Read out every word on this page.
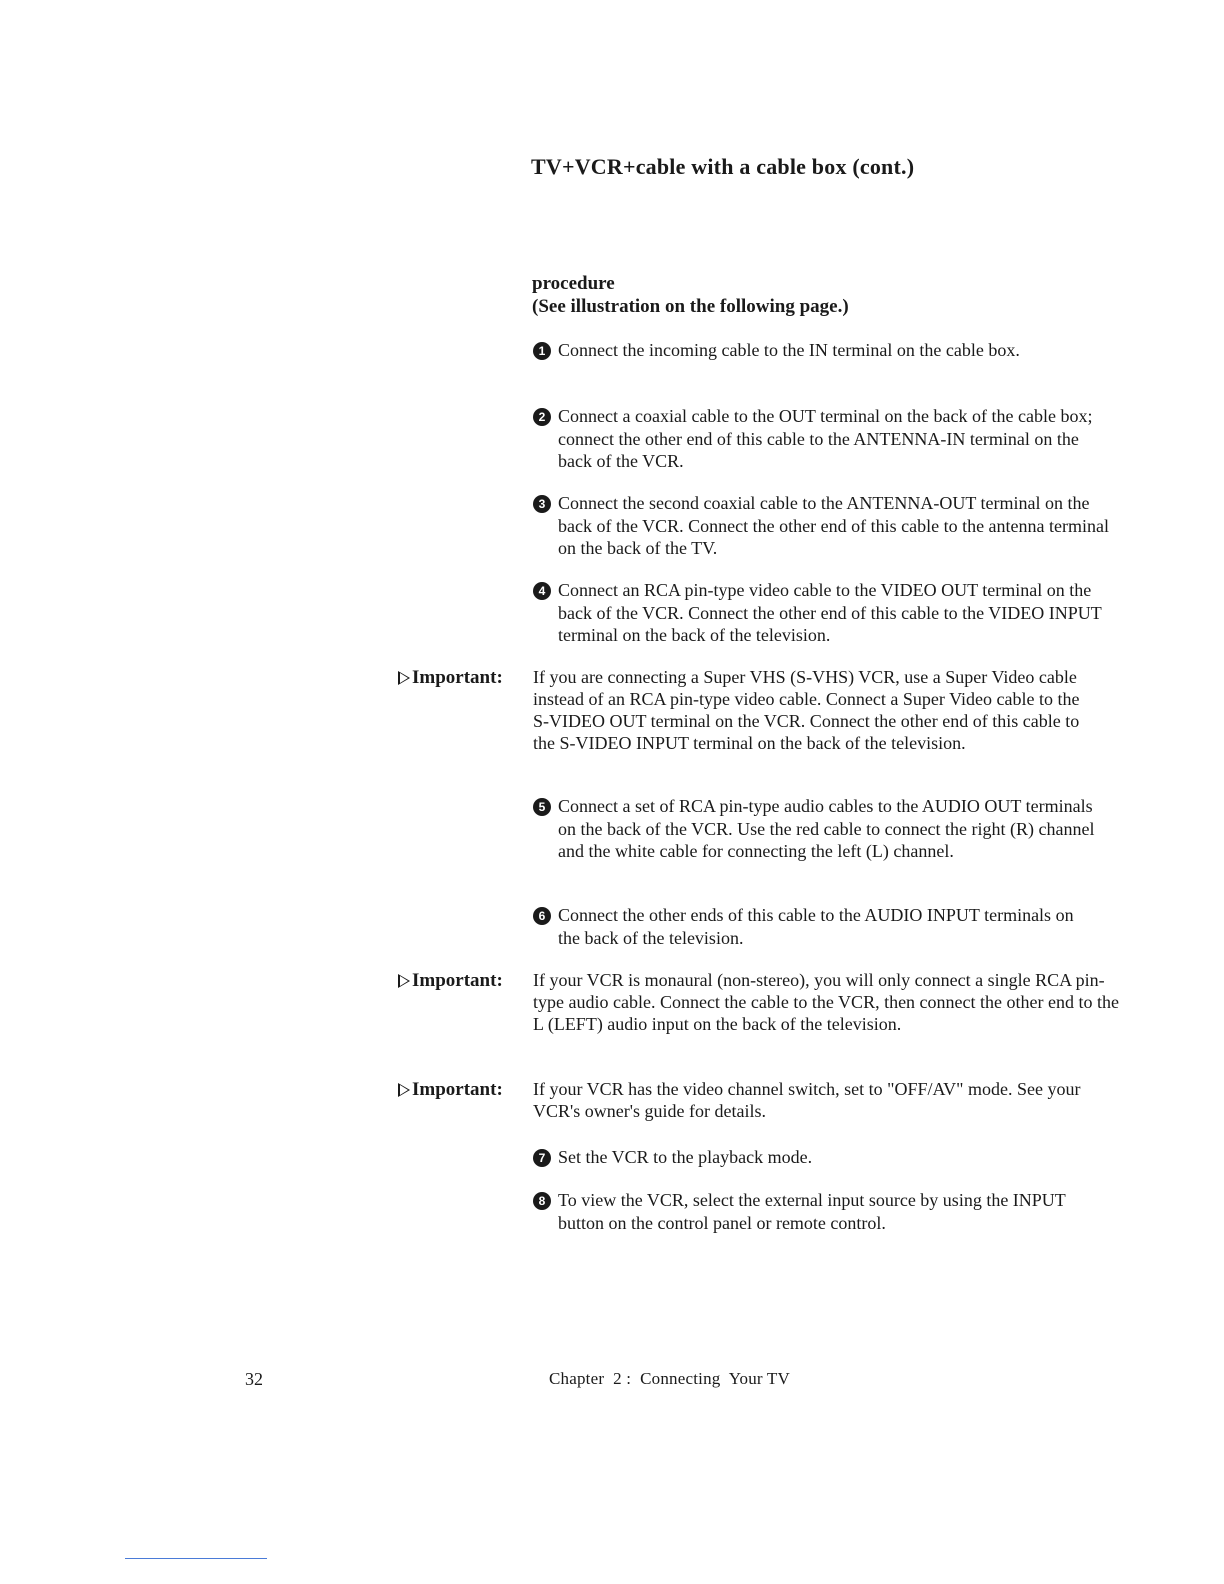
TV+VCR+cable with a cable box (cont.)
procedure
(See illustration on the following page.)
1 Connect the incoming cable to the IN terminal on the cable box.
2 Connect a coaxial cable to the OUT terminal on the back of the cable box; connect the other end of this cable to the ANTENNA-IN terminal on the back of the VCR.
3 Connect the second coaxial cable to the ANTENNA-OUT terminal on the back of the VCR. Connect the other end of this cable to the antenna terminal on the back of the TV.
4 Connect an RCA pin-type video cable to the VIDEO OUT terminal on the back of the VCR. Connect the other end of this cable to the VIDEO INPUT terminal on the back of the television.
Important: If you are connecting a Super VHS (S-VHS) VCR, use a Super Video cable instead of an RCA pin-type video cable. Connect a Super Video cable to the S-VIDEO OUT terminal on the VCR. Connect the other end of this cable to the S-VIDEO INPUT terminal on the back of the television.
5 Connect a set of RCA pin-type audio cables to the AUDIO OUT terminals on the back of the VCR. Use the red cable to connect the right (R) channel and the white cable for connecting the left (L) channel.
6 Connect the other ends of this cable to the AUDIO INPUT terminals on the back of the television.
Important: If your VCR is monaural (non-stereo), you will only connect a single RCA pin-type audio cable. Connect the cable to the VCR, then connect the other end to the L (LEFT) audio input on the back of the television.
Important: If your VCR has the video channel switch, set to "OFF/AV" mode. See your VCR's owner's guide for details.
7 Set the VCR to the playback mode.
8 To view the VCR, select the external input source by using the INPUT button on the control panel or remote control.
32	Chapter  2 :  Connecting  Your TV
